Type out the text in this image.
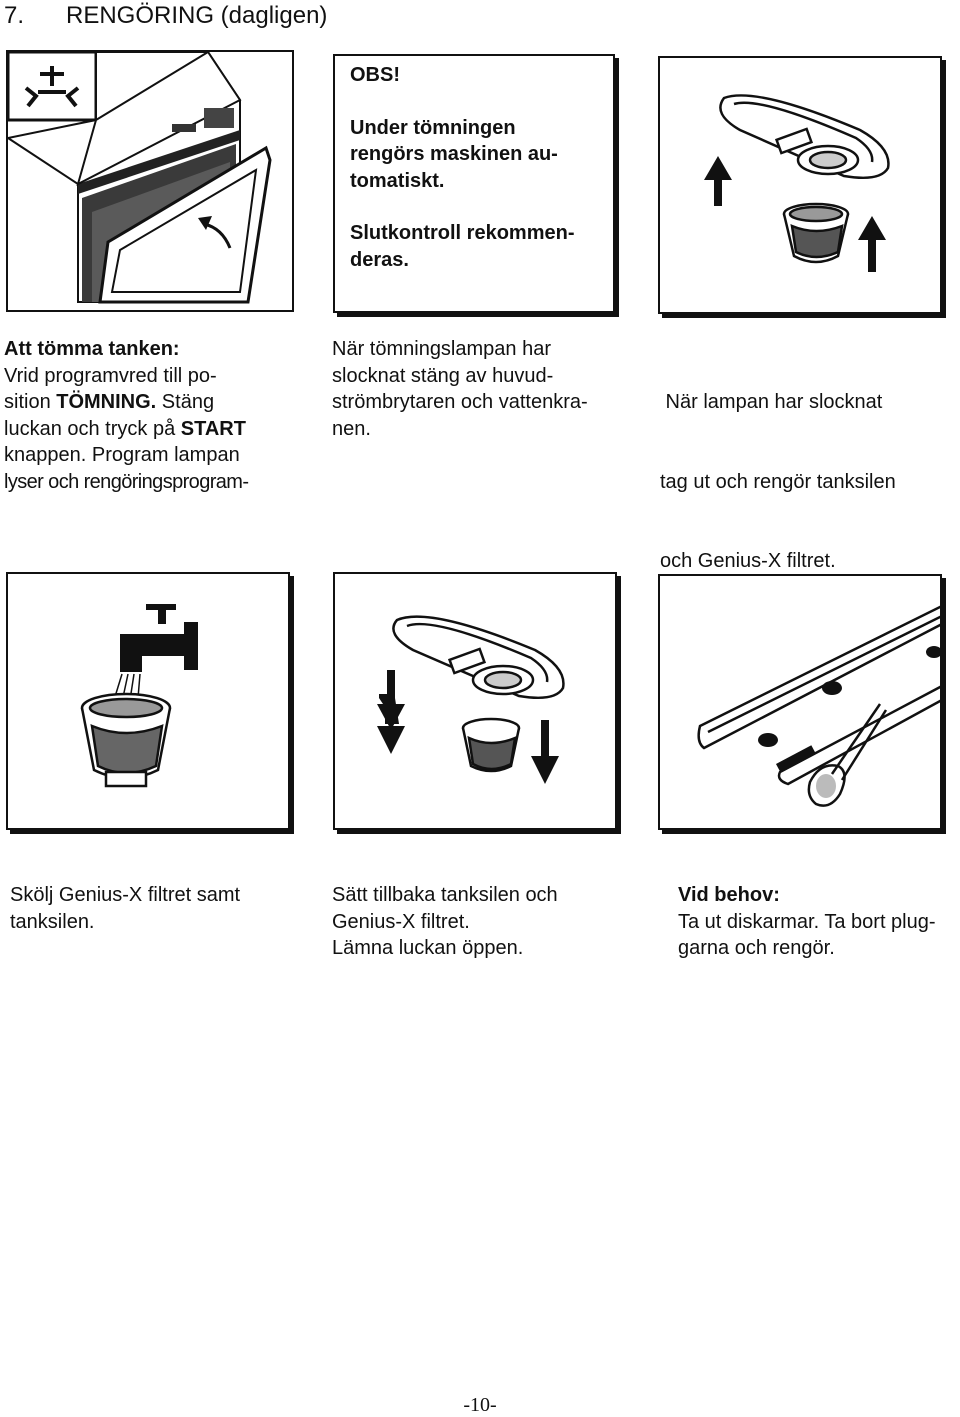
7. RENGÖRING (dagligen)

OBS!

Under tömningen

rengörs maskinen au-

tomatiskt.

Slutkontroll rekommen-

deras.

Att tömma tanken:
Vrid programvred till po-
sition TÖMNING. Stäng
luckan och tryck på START
knappen. Program lampan
lyser och rengöringsprogram-
När tömningslampan har
slocknat stäng av huvud-
strömbrytaren och vattenkra-
nen.

När lampan har slocknat

tag ut och rengör tanksilen

och Genius-X filtret.

Skölj Genius-X filtret samt
tanksilen.
Sätt tillbaka tanksilen och
Genius-X filtret.
Lämna luckan öppen.
Vid behov:
Ta ut diskarmar. Ta bort plug-
garna och rengör.
-10-
